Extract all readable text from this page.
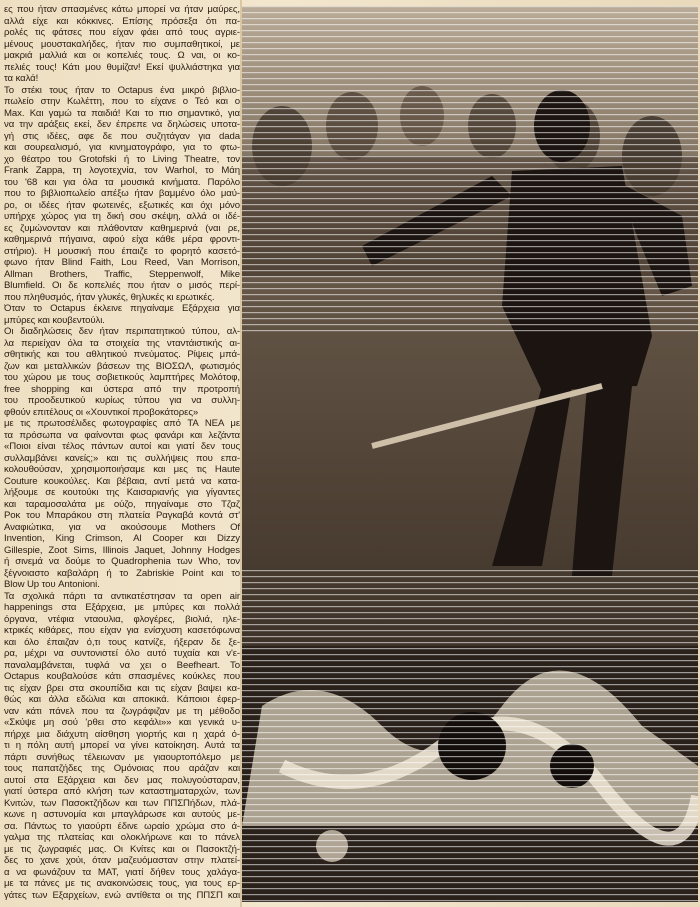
ες που ήταν σπασμένες κάτω μπορεί να ήταν μαύρες,
αλλά είχε και κόκκινες. Επίσης πρόσεξα ότι πα-
ρολές τις φάτσες που είχαν φάει από τους αγριε-
μένους μουστακαλήδες, ήταν πιο συμπαθητικοί, με
μακριά μαλλιά και οι κοπελιές τους. Ω ναι, οι κο-
πελιές τους! Κάτι μου θυμίζαν! Εκεί ψυλλιάστηκα για
τα καλά!
Το στέκι τους ήταν το Octapus ένα μικρό βιβλιο-
πωλείο στην Κωλέττη, που το είχανε ο Τεό και ο
Max. Και γαμώ τα παιδιά! Και το πιο σημαντικό, για
να την αράξεις εκεί, δεν έπρεπε να δηλώσεις υποτα-
γή στις ιδέες, αφε δε που συζητάγαν για dada
και σουρεαλισμό, για κινηματογράφο, για το φτω-
χο θέατρο του Grotofski ή το Living Theatre, τον
Frank Zappa, τη λογοτεχνία, τον Warhol, το Μάη
του '68 και για όλα τα μουσικά κινήματα. Παρόλο
που το βιβλιοπωλείο απέξω ήταν βαμμένο όλο μαύ-
ρο, οι ιδέες ήταν φωτεινές, εξωτικές και όχι μόνο
υπήρχε χώρος για τη δική σου σκέψη, αλλά οι ιδέ-
ες ζυμώνονταν και πλάθονταν καθημερινά (ναι ρε,
καθημερινά πήγαινα, αφού είχα κάθε μέρα φροντι-
στήριο). Η μουσική που έπαιζε το φορητό κασετό-
φωνο ήταν Blind Faith, Lou Reed, Van Morrison,
Allman Brothers, Traffic, Steppenwolf, Mike
Blumfield. Οι δε κοπελιές που ήταν ο μισός περί-
που πληθυσμός, ήταν γλυκές, θηλυκές κι ερωτικές.
Όταν το Octapus έκλεινε πηγαίναμε Εξάρχεια για
μπύρες και κουβεντούλι.
Οι διαδηλώσεις δεν ήταν περιπατητικού τύπου, αλ-
λα περιείχαν όλα τα στοιχεία της νταντάιστικής αι-
σθητικής και του αθλητικού πνεύματος. Ρίψεις μπά-
ζων και μεταλλικών βάσεων της ΒΙΟΣΩΛ, φωτισμός
του χώρου με τους σοβιετικούς λαμπτήρες Μολότοφ,
free shopping και ύστερα από την προτροπή
του προοδευτικού κυρίως τύπου για να συλλη-
φθούν επιτέλους οι «Χουντικοί προβοκάτορες»
με τις πρωτοσέλιδες φωτογραφίες από ΤΑ ΝΕΑ με
τα πρόσωπα να φαίνονται φως φανάρι και λεζάντα
«Ποιοι είναι τέλος πάντων αυτοί και γιατί δεν τους
συλλαμβάνει κανείς;» και τις συλλήψεις που επα-
κολουθούσαν, χρησιμοποιήσαμε και μες τις Haute
Couture κουκούλες. Και βέβαια, αντί μετά να κατα-
λήξουμε σε κουτούκι της Καισαριανής για γίγαντες
και ταραμοσαλάτα με ούζο, πηγαίναμε στο Τζαζ
Ροκ του Μπαράκου στη πλατεία Ραγκαβά κοντά στ'
Αναφιώτικα, για να ακούσουμε Mothers Of
Invention, King Crimson, Al Cooper και Dizzy
Gillespie, Zoot Sims, Illinois Jaquet, Johnny Hodges
ή σινεμά να δούμε το Quadrophenia των Who, τον
ξέγνοιαστο καβαλάρη ή το Zabriskie Point και το
Blow Up του Antonioni.
Τα σχολικά πάρτι τα αντικατέστησαν τα open air
happenings στα Εξάρχεια, με μπύρες και πολλά
όργανα, ντέφια νταουλια, φλογέρες, βιολιά, ηλε-
κτρικές κιθάρες, που είχαν για ενίσχυση κασετόφωνα
και όλο έπαιζαν ό,τι τους κατνίζε, ήξεραν δε ξε-
ρα, μέχρι να συντονιστεί όλο αυτό τυχαία και ν'ε-
παναλαμβάνεται, τυφλά να χει ο Beefheart. Το
Octapus κουβαλούσε κάτι σπασμένες κούκλες που
τις είχαν βρει στα σκουπίδια και τις είχαν βαψει κα-
θώς και άλλα εδώλια και αποκικά. Κάποιοι έφερ-
ναν κάτι πάνελ που τα ζωγράφιζαν με τη μέθοδο
«Σκύψε μη σού 'ρθει στο κεφάλι»» και γενικά υ-
πήρχε μια διάχυτη αίσθηση γιορτής και η χαρά ό-
τι η πόλη αυτή μπορεί να γίνει κατοίκηση. Αυτά τα
πάρτι συνήθως τέλειωναν με γιαουρτοπόλεμο με
τους παπατζήδες της Ομόνοιας που αράζαν και
αυτοί στα Εξάρχεια και δεν μας πολυγούσταραν,
γιατί ύστερα από κλήση των καταστηματαρχών, των
Κνιτών, των Πασοκτζήδων και των ΠΠΣΠήδων, πλά-
κωνε η αστυνομία και μπαγλάρωσε και αυτούς με-
σα. Πάντως το γιαούρτι έδινε ωραίο χρώμα στο ά-
γαλμα της πλατείας και ολοκλήρωνε και το πάνελ
με τις ζωγραφιές μας. Οι Κνίτες και οι Πασοκτζή-
δες το χανε χούι, όταν μαζευόμασταν στην πλατεί-
α να φωνάζουν τα ΜΑΤ, γιατί δήθεν τους χαλάγα-
με τα πάνες με τις ανακοινώσεις τους, για τους ερ-
γάτες των Εξαρχείων, ενώ αντίθετα οι της ΠΠΣΠ και
